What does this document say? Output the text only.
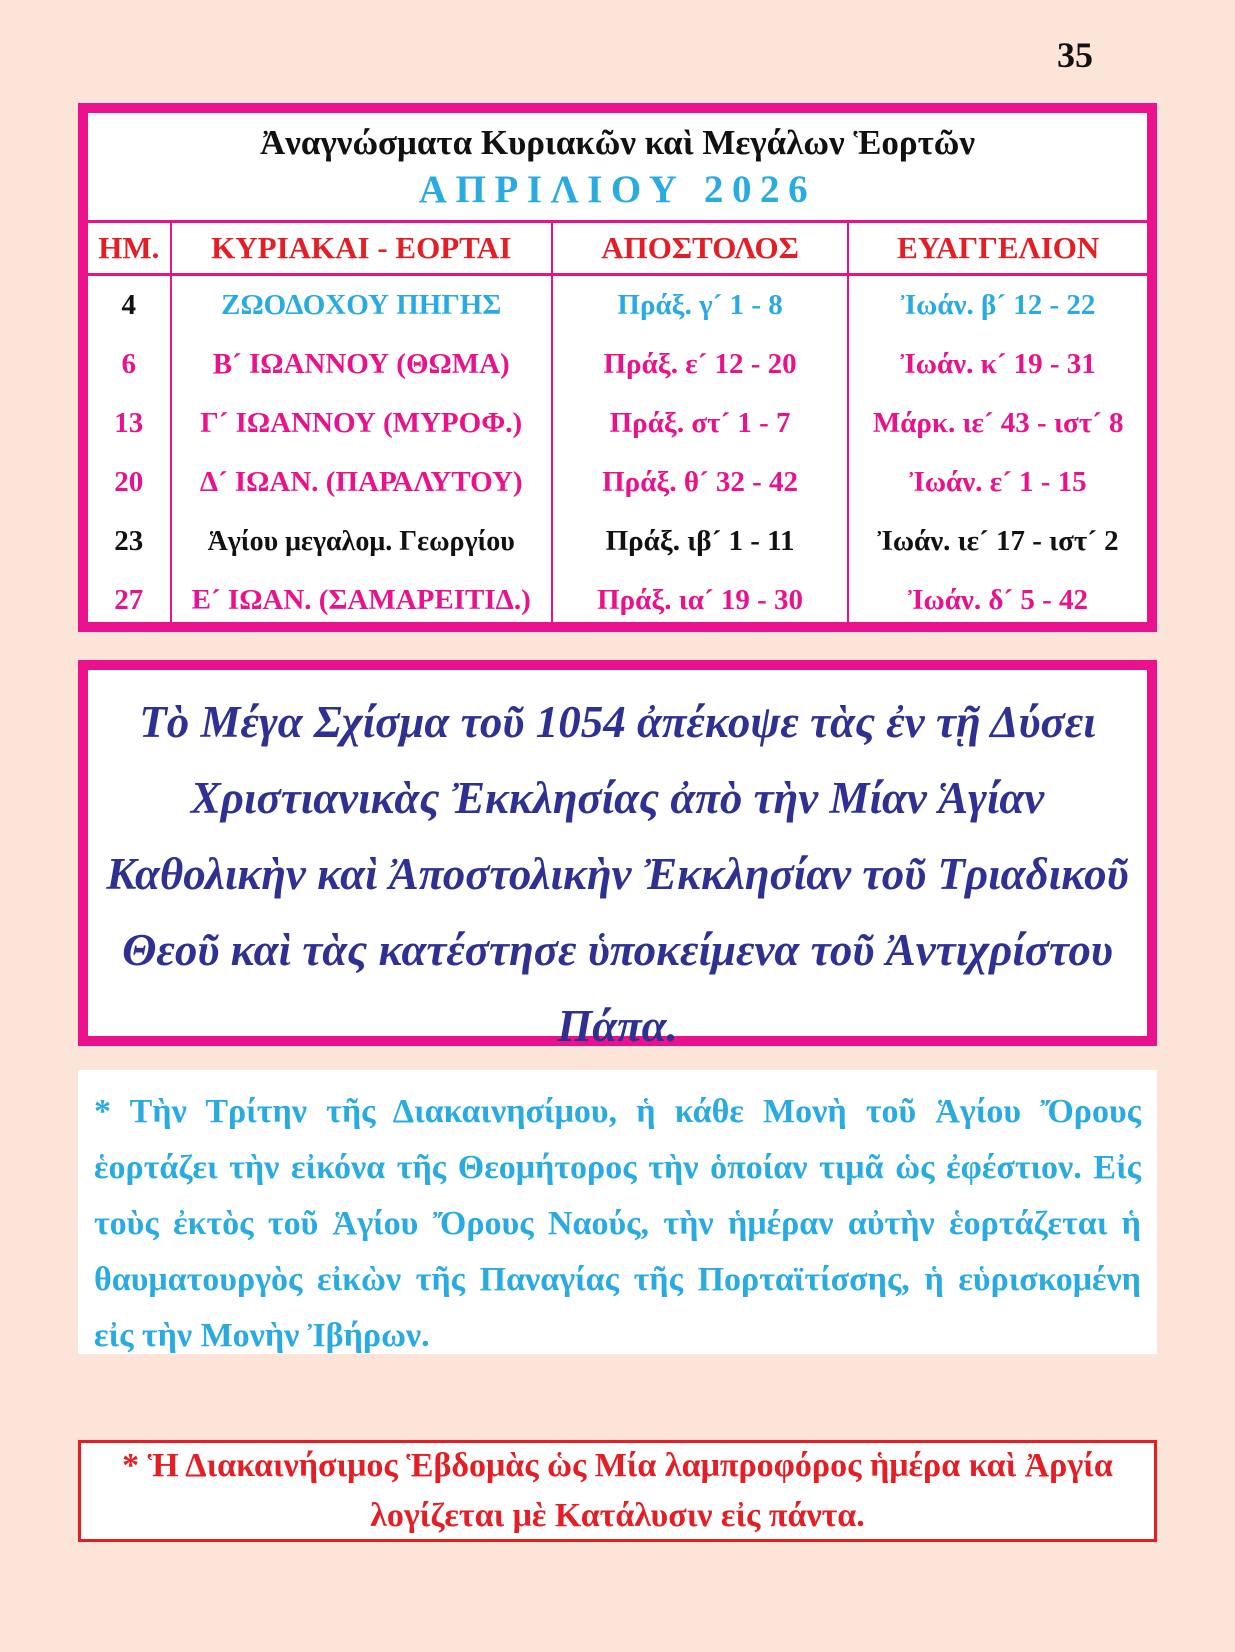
35
Ἀναγνώσματα Κυριακῶν καὶ Μεγάλων Ἑορτῶν
ΑΠΡΙΛΙΟΥ 2026
ΗΜ.	ΚΥΡΙΑΚΑΙ - ΕΟΡΤΑΙ	ΑΠΟΣΤΟΛΟΣ	ΕΥΑΓΓΕΛΙΟΝ
4	ΖΩΟΔΟΧΟΥ ΠΗΓΗΣ	Πράξ. γ´ 1 - 8	Ἰωάν. β´ 12 - 22
6	Β´ ΙΩΑΝΝΟΥ (ΘΩΜΑ)	Πράξ. ε´ 12 - 20	Ἰωάν. κ´ 19 - 31
13	Γ´ ΙΩΑΝΝΟΥ (ΜΥΡΟΦ.)	Πράξ. στ´ 1 - 7	Μάρκ. ιε´ 43 - ιστ´ 8
20	Δ´ ΙΩΑΝ. (ΠΑΡΑΛΥΤΟΥ)	Πράξ. θ´ 32 - 42	Ἰωάν. ε´ 1 - 15
23	Ἁγίου μεγαλομ. Γεωργίου	Πράξ. ιβ´ 1 - 11	Ἰωάν. ιε´ 17 - ιστ´ 2
27	Ε´ ΙΩΑΝ. (ΣΑΜΑΡΕΙΤΙΔ.)	Πράξ. ια´ 19 - 30	Ἰωάν. δ´ 5 - 42
Τὸ Μέγα Σχίσμα τοῦ 1054 ἀπέκοψε τὰς ἐν τῇ Δύσει Χριστιανικὰς Ἐκκλησίας ἀπὸ τὴν Μίαν Ἁγίαν Καθολικὴν καὶ Ἀποστολικὴν Ἐκκλησίαν τοῦ Τριαδικοῦ Θεοῦ καὶ τὰς κατέστησε ὑποκείμενα τοῦ Ἀντιχρίστου Πάπα.
* Τὴν Τρίτην τῆς Διακαινησίμου, ἡ κάθε Μονὴ τοῦ Ἁγίου Ὄρους ἑορτάζει τὴν εἰκόνα τῆς Θεομήτορος τὴν ὁποίαν τιμᾶ ὡς ἐφέστιον. Εἰς τοὺς ἐκτὸς τοῦ Ἁγίου Ὄρους Ναούς, τὴν ἡμέραν αὐτὴν ἑορτάζεται ἡ θαυματουργὸς εἰκὼν τῆς Παναγίας τῆς Πορταϊτίσσης, ἡ εὑρισκομένη εἰς τὴν Μονὴν Ἰβήρων.
* Ἡ Διακαινήσιμος Ἑβδομὰς ὡς Μία λαμπροφόρος ἡμέρα καὶ Ἀργία λογίζεται μὲ Κατάλυσιν εἰς πάντα.
